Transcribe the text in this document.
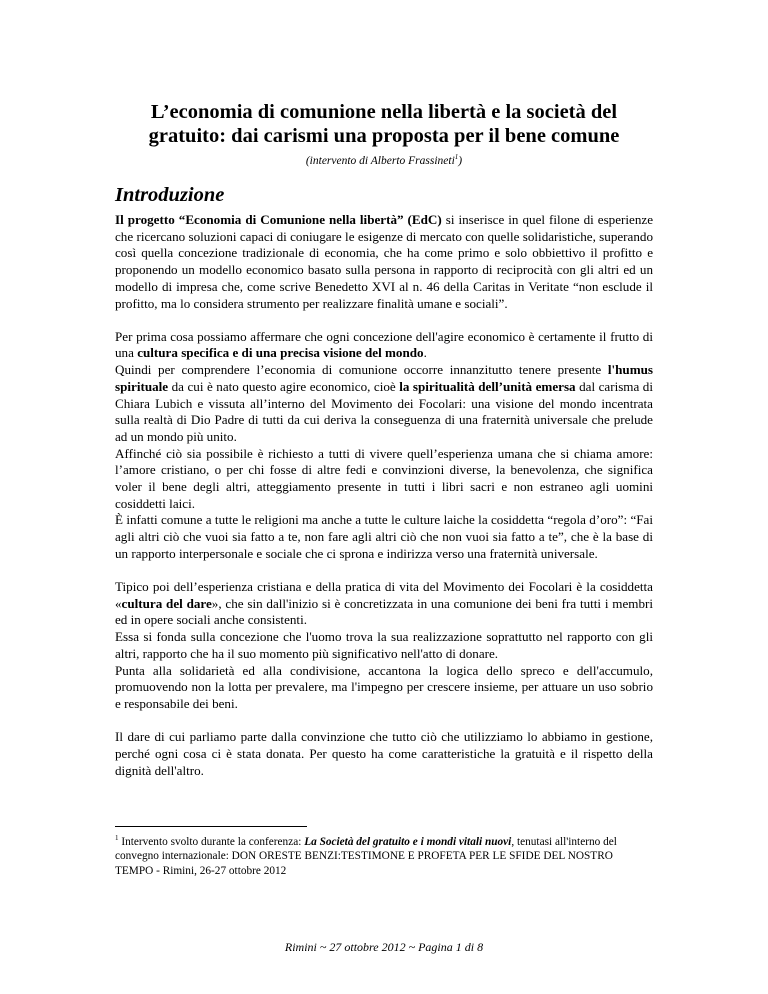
L’economia di comunione nella libertà e la società del
gratuito: dai carismi una proposta per il bene comune
(intervento di Alberto Frassineti$^1$)
Introduzione

Il progetto “Economia di Comunione nella libertà” (EdC) si inserisce in quel filone di esperienze che ricercano soluzioni capaci di coniugare le esigenze di mercato con quelle solidaristiche, superando così quella concezione tradizionale di economia, che ha come primo e solo obbiettivo il profitto e proponendo un modello economico basato sulla persona in rapporto di reciprocità con gli altri ed un modello di impresa che, come scrive Benedetto XVI al n. 46 della Caritas in Veritate “non esclude il profitto, ma lo considera strumento per realizzare finalità umane e sociali”.

Per prima cosa possiamo affermare che ogni concezione dell'agire economico è certamente il frutto di una cultura specifica e di una precisa visione del mondo.
Quindi per comprendere l’economia di comunione occorre innanzitutto tenere presente l'humus spirituale da cui è nato questo agire economico, cioè la spiritualità dell’unità emersa dal carisma di Chiara Lubich e vissuta all’interno del Movimento dei Focolari: una visione del mondo incentrata sulla realtà di Dio Padre di tutti da cui deriva la conseguenza di una fraternità universale che prelude ad un mondo più unito.
Affinché ciò sia possibile è richiesto a tutti di vivere quell’esperienza umana che si chiama amore: l’amore cristiano, o per chi fosse di altre fedi e convinzioni diverse, la benevolenza, che significa voler il bene degli altri, atteggiamento presente in tutti i libri sacri e non estraneo agli uomini cosiddetti laici.
È infatti comune a tutte le religioni ma anche a tutte le culture laiche la cosiddetta “regola d’oro”: “Fai agli altri ciò che vuoi sia fatto a te, non fare agli altri ciò che non vuoi sia fatto a te”, che è la base di un rapporto interpersonale e sociale che ci sprona e indirizza verso una fraternità universale.

Tipico poi dell’esperienza cristiana e della pratica di vita del Movimento dei Focolari è la cosiddetta «cultura del dare», che sin dall'inizio si è concretizzata in una comunione dei beni fra tutti i membri ed in opere sociali anche consistenti.
Essa si fonda sulla concezione che l'uomo trova la sua realizzazione soprattutto nel rapporto con gli altri, rapporto che ha il suo momento più significativo nell'atto di donare.
Punta alla solidarietà ed alla condivisione, accantona la logica dello spreco e dell'accumulo, promuovendo non la lotta per prevalere, ma l'impegno per crescere insieme, per attuare un uso sobrio e responsabile dei beni.

Il dare di cui parliamo parte dalla convinzione che tutto ciò che utilizziamo lo abbiamo in gestione, perché ogni cosa ci è stata donata. Per questo ha come caratteristiche la gratuità e il rispetto della dignità dell'altro.

$^1$ Intervento svolto durante la conferenza: La Società del gratuito e i mondi vitali nuovi, tenutasi all'interno del convegno internazionale: DON ORESTE BENZI:TESTIMONE E PROFETA PER LE SFIDE DEL NOSTRO TEMPO - Rimini, 26-27 ottobre 2012
Rimini ~ 27 ottobre 2012 ~ Pagina 1 di 8
